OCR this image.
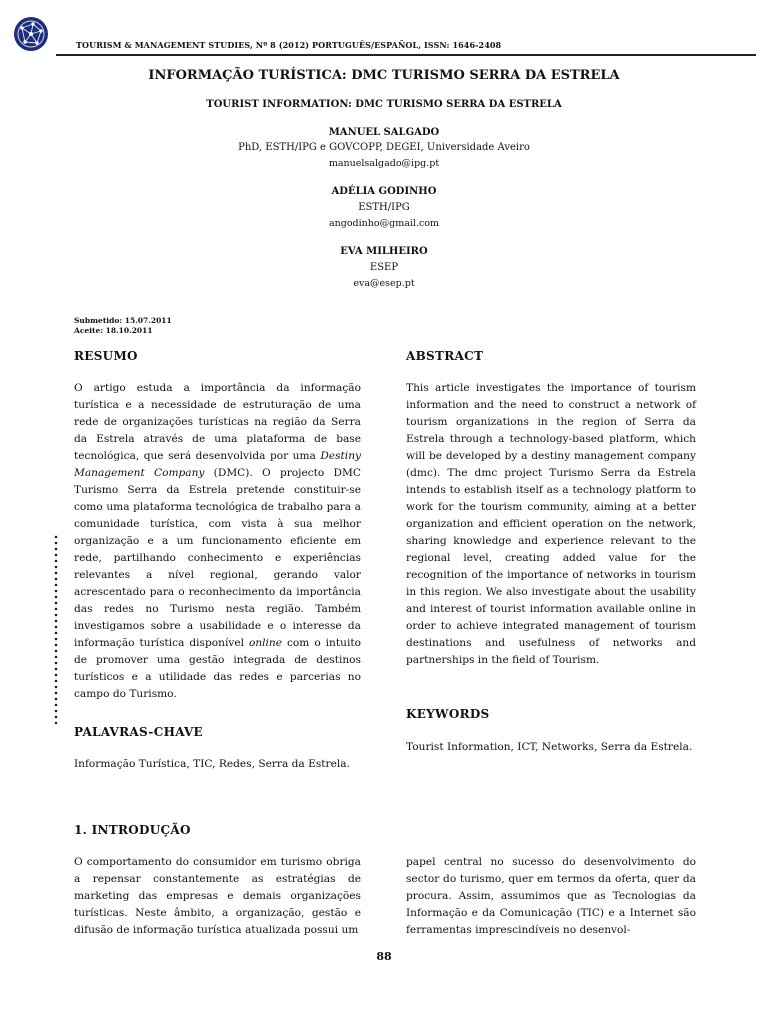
TOURISM & MANAGEMENT STUDIES, Nº 8 (2012) PORTUGUÊS/ESPAÑOL, ISSN: 1646-2408
INFORMAÇÃO TURÍSTICA: DMC TURISMO SERRA DA ESTRELA
TOURIST INFORMATION: DMC TURISMO SERRA DA ESTRELA
MANUEL SALGADO
PhD, ESTH/IPG e GOVCOPP, DEGEI, Universidade Aveiro
manuelsalgado@ipg.pt
ADÉLIA GODINHO
ESTH/IPG
angodinho@gmail.com
EVA MILHEIRO
ESEP
eva@esep.pt
Submetido: 15.07.2011
Aceite: 18.10.2011
RESUMO

O artigo estuda a importância da informação turística e a necessidade de estruturação de uma rede de organizações turísticas na região da Serra da Estrela através de uma plataforma de base tecnológica, que será desenvolvida por uma Destiny Management Company (DMC). O projecto DMC Turismo Serra da Estrela pretende constituir-se como uma plataforma tecnológica de trabalho para a comunidade turística, com vista à sua melhor organização e a um funcionamento eficiente em rede, partilhando conhecimento e experiências relevantes a nível regional, gerando valor acrescentado para o reconhecimento da importância das redes no Turismo nesta região. Também investigamos sobre a usabilidade e o interesse da informação turística disponível online com o intuito de promover uma gestão integrada de destinos turísticos e a utilidade das redes e parcerias no campo do Turismo.

PALAVRAS-CHAVE
Informação Turística, TIC, Redes, Serra da Estrela.
ABSTRACT
This article investigates the importance of tourism information and the need to construct a network of tourism organizations in the region of Serra da Estrela through a technology-based platform, which will be developed by a destiny management company (dmc). The dmc project Turismo Serra da Estrela intends to establish itself as a technology platform to work for the tourism community, aiming at a better organization and efficient operation on the network, sharing knowledge and experience relevant to the regional level, creating added value for the recognition of the importance of networks in tourism in this region. We also investigate about the usability and interest of tourist information available online in order to achieve integrated management of tourism destinations and usefulness of networks and partnerships in the field of Tourism.
KEYWORDS
Tourist Information, ICT, Networks, Serra da Estrela.
1. INTRODUÇÃO
O comportamento do consumidor em turismo obriga a repensar constantemente as estratégias de marketing das empresas e demais organizações turísticas. Neste âmbito, a organização, gestão e difusão de informação turística atualizada possui um
papel central no sucesso do desenvolvimento do sector do turismo, quer em termos da oferta, quer da procura. Assim, assumimos que as Tecnologias da Informação e da Comunicação (TIC) e a Internet são ferramentas imprescindíveis no desenvol-
88
